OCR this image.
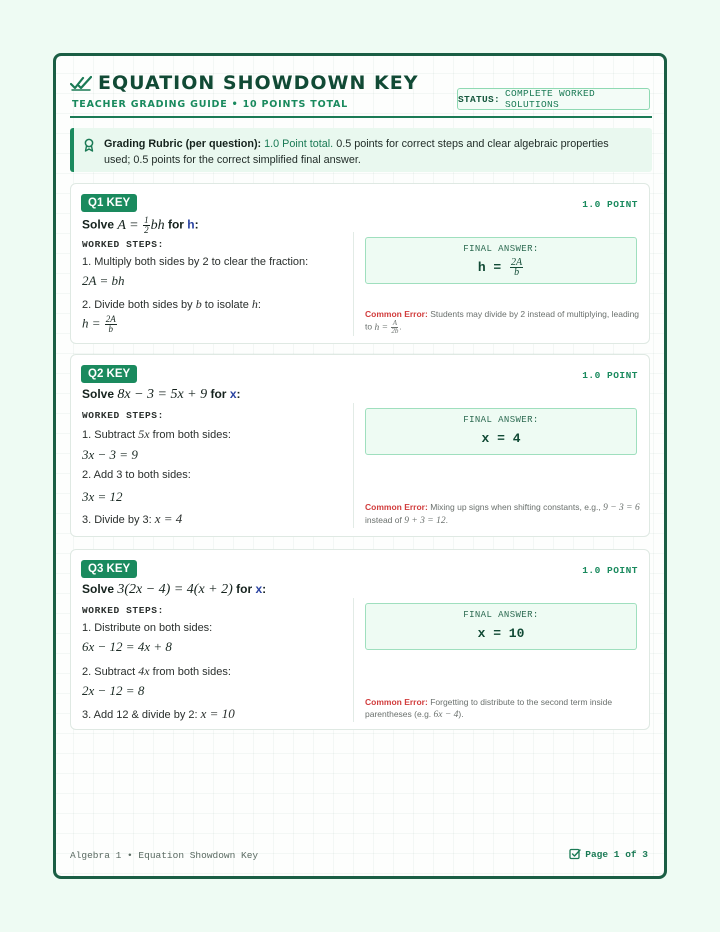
EQUATION SHOWDOWN KEY
TEACHER GRADING GUIDE • 10 POINTS TOTAL	STATUS: COMPLETE WORKED SOLUTIONS
Grading Rubric (per question): 1.0 Point total. 0.5 points for correct steps and clear algebraic properties used; 0.5 points for the correct simplified final answer.
Q1 KEY	1.0 POINT
Solve $A = \frac{1}{2}$ bh for h:
WORKED STEPS:
1. Multiply both sides by 2 to clear the fraction:
2A = bh
2. Divide both sides by b to isolate h:
$h = \frac{2A}{b}$
FINAL ANSWER:
$h = \frac{2A}{b}$
Common Error: Students may divide by 2 instead of multiplying, leading to $h = \frac{A}{2b}$ .
Q2 KEY	1.0 POINT
Solve 8x − 3 = 5x + 9 for x:
WORKED STEPS:
1. Subtract 5x from both sides:
3x − 3 = 9
2. Add 3 to both sides:
3x = 12
3. Divide by 3: x = 4
FINAL ANSWER:
x = 4
Common Error: Mixing up signs when shifting constants, e.g., 9 − 3 = 6 instead of 9 + 3 = 12.
Q3 KEY	1.0 POINT
Solve 3(2x − 4) = 4(x + 2) for x:
WORKED STEPS:
1. Distribute on both sides:
6x − 12 = 4x + 8
2. Subtract 4x from both sides:
2x − 12 = 8
3. Add 12 & divide by 2: x = 10
FINAL ANSWER:
x = 10
Common Error: Forgetting to distribute to the second term inside parentheses (e.g. 6x − 4).
Algebra 1 • Equation Showdown Key	Page 1 of 3
